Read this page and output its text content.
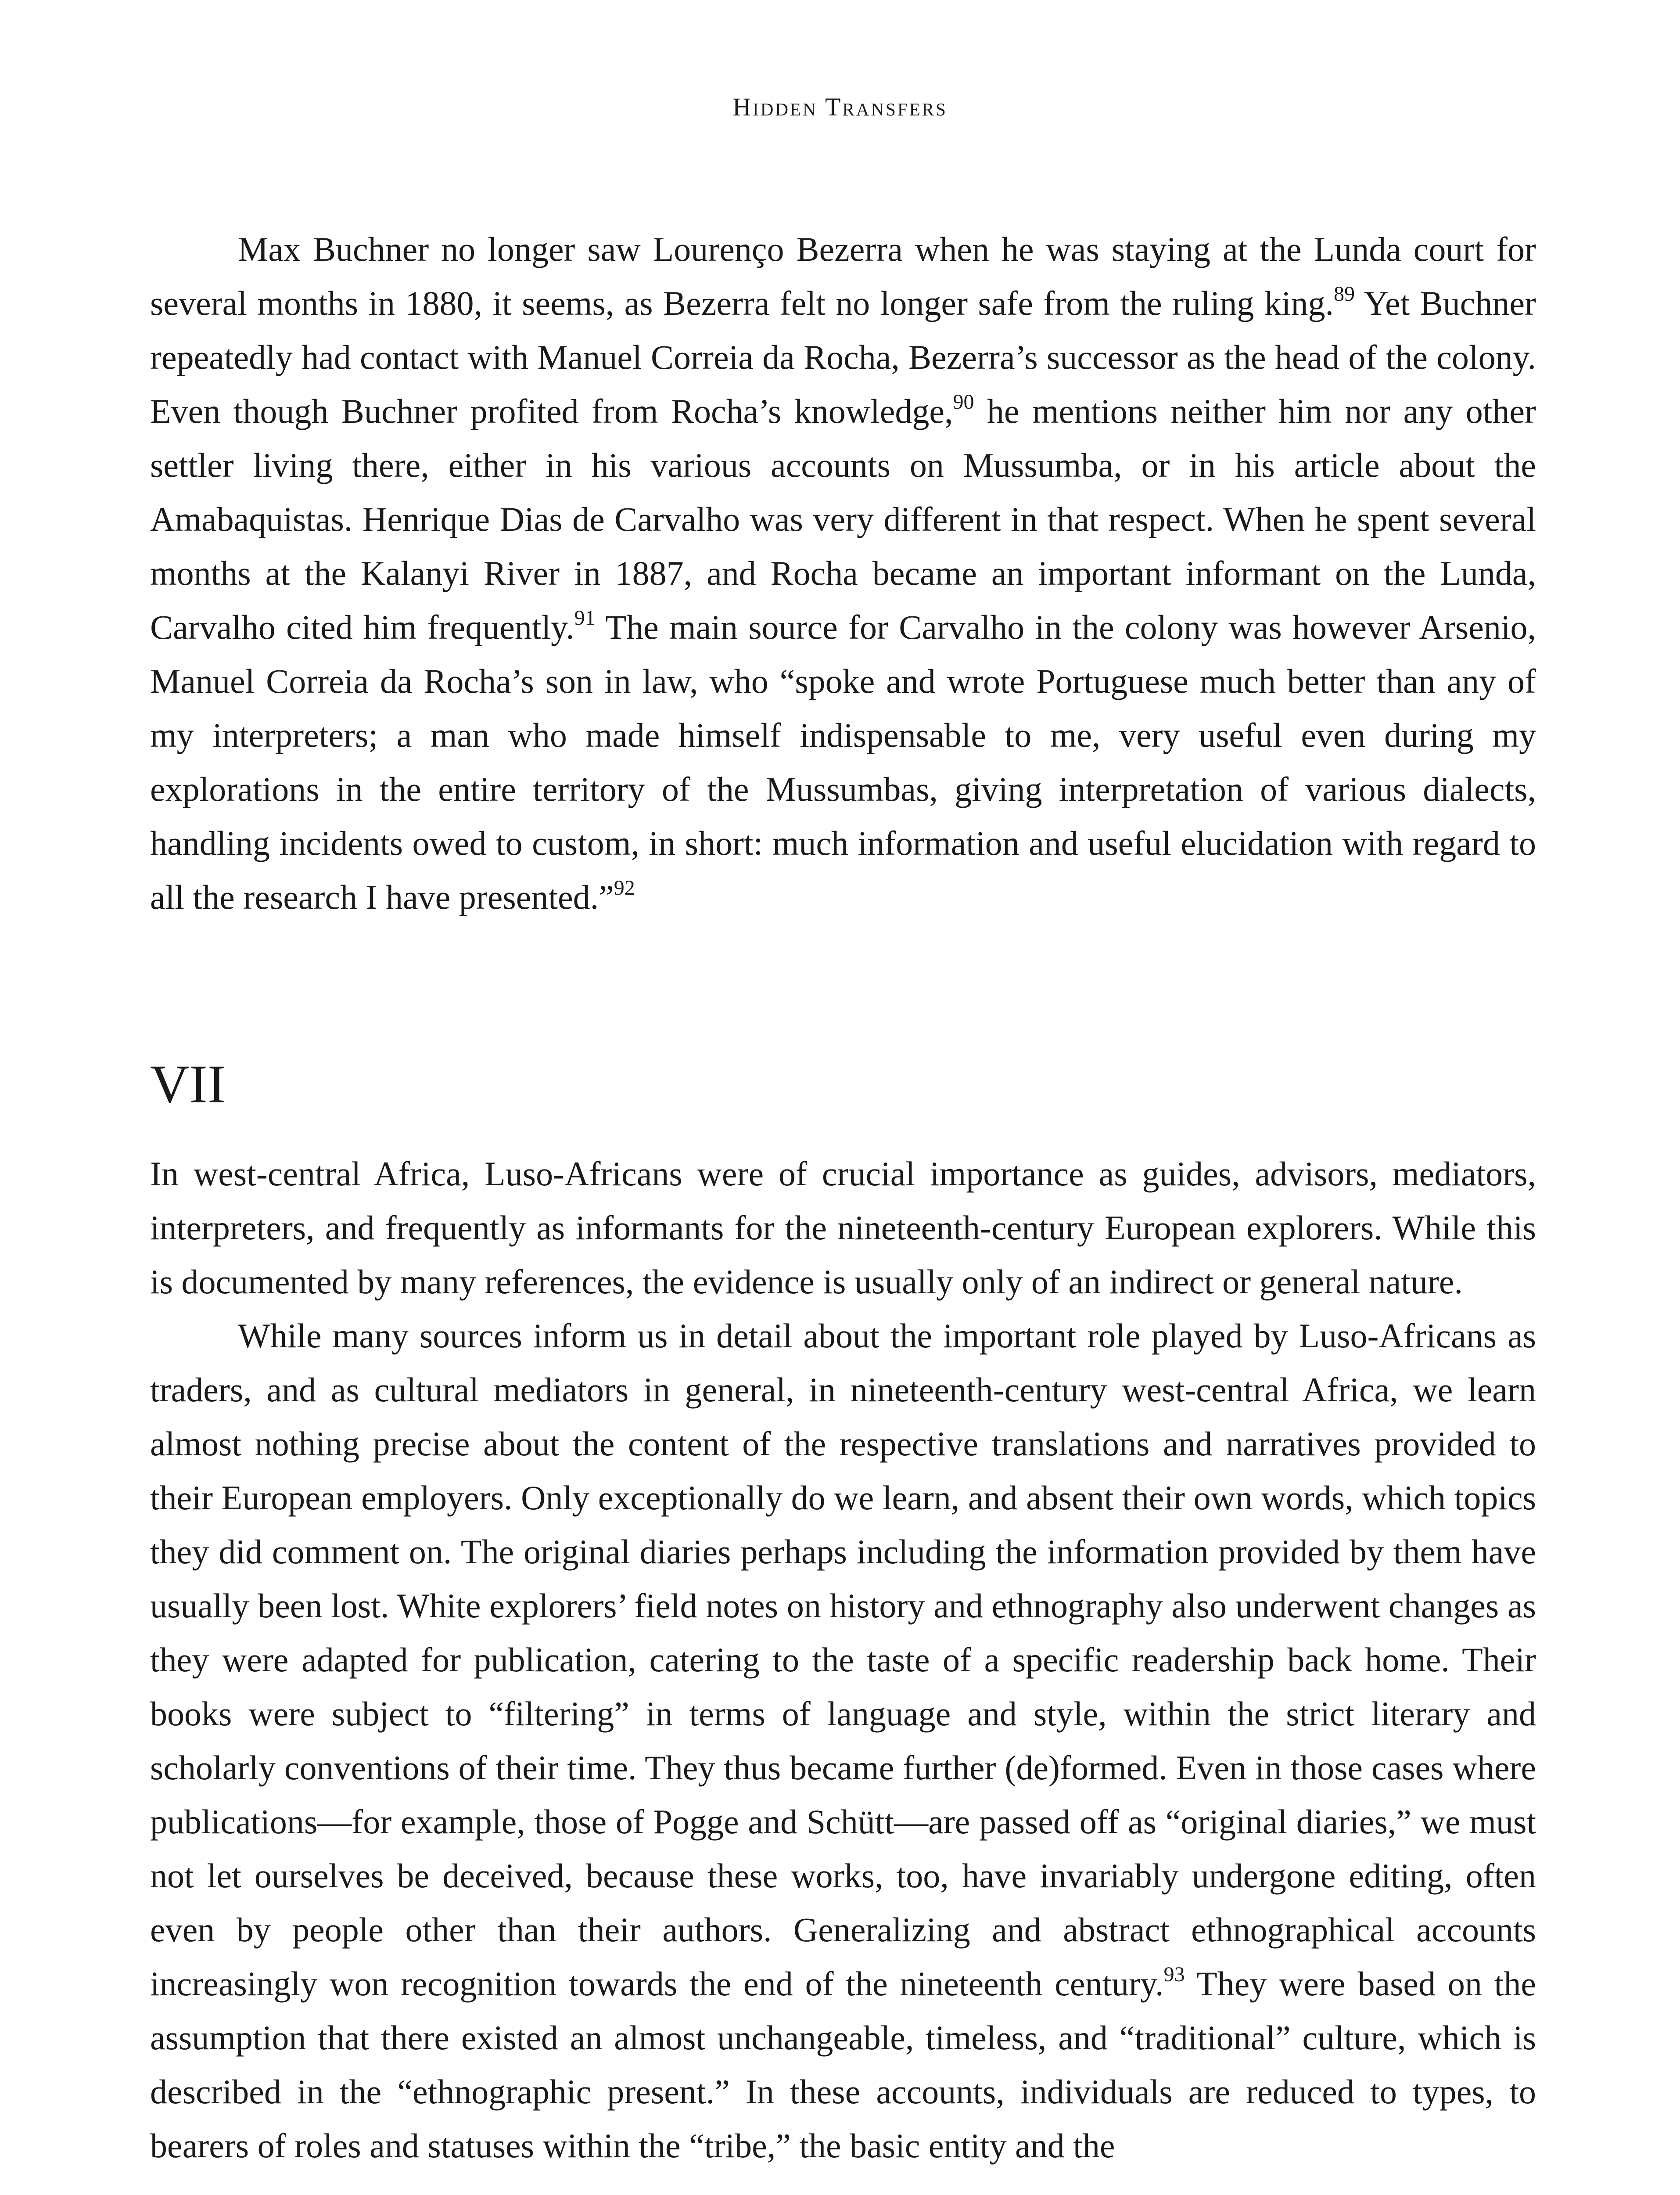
Hidden Transfers

Max Buchner no longer saw Lourenço Bezerra when he was staying at the Lunda court for several months in 1880, it seems, as Bezerra felt no longer safe from the ruling king.$^{89}$ Yet Buchner repeatedly had contact with Manuel Correia da Rocha, Bezerra’s successor as the head of the colony. Even though Buchner profited from Rocha’s knowledge,$^{90}$ he mentions neither him nor any other settler living there, either in his various accounts on Mussumba, or in his article about the Amabaquistas. Henrique Dias de Carvalho was very different in that respect. When he spent several months at the Kalanyi River in 1887, and Rocha became an important informant on the Lunda, Carvalho cited him frequently.$^{91}$ The main source for Carvalho in the colony was however Arsenio, Manuel Correia da Rocha’s son in law, who “spoke and wrote Portuguese much better than any of my interpreters; a man who made himself indispensable to me, very useful even during my explorations in the entire territory of the Mussumbas, giving interpretation of various dialects, handling incidents owed to custom, in short: much information and useful elucidation with regard to all the research I have presented.”$^{92}$

VII

In west-central Africa, Luso-Africans were of crucial importance as guides, advisors, mediators, interpreters, and frequently as informants for the nineteenth-century European explorers. While this is documented by many references, the evidence is usually only of an indirect or general nature.

While many sources inform us in detail about the important role played by Luso-Africans as traders, and as cultural mediators in general, in nineteenth-century west-central Africa, we learn almost nothing precise about the content of the respective translations and narratives provided to their European employers. Only exceptionally do we learn, and absent their own words, which topics they did comment on. The original diaries perhaps including the information provided by them have usually been lost. White explorers’ field notes on history and ethnography also underwent changes as they were adapted for publication, catering to the taste of a specific readership back home. Their books were subject to “filtering” in terms of language and style, within the strict literary and scholarly conventions of their time. They thus became further (de)formed. Even in those cases where publications—for example, those of Pogge and Schütt—are passed off as “original diaries,” we must not let ourselves be deceived, because these works, too, have invariably undergone editing, often even by people other than their authors. Generalizing and abstract ethnographical accounts increasingly won recognition towards the end of the nineteenth century.$^{93}$ They were based on the assumption that there existed an almost unchangeable, timeless, and “traditional” culture, which is described in the “ethnographic present.” In these accounts, individuals are reduced to types, to bearers of roles and statuses within the “tribe,” the basic entity and the
